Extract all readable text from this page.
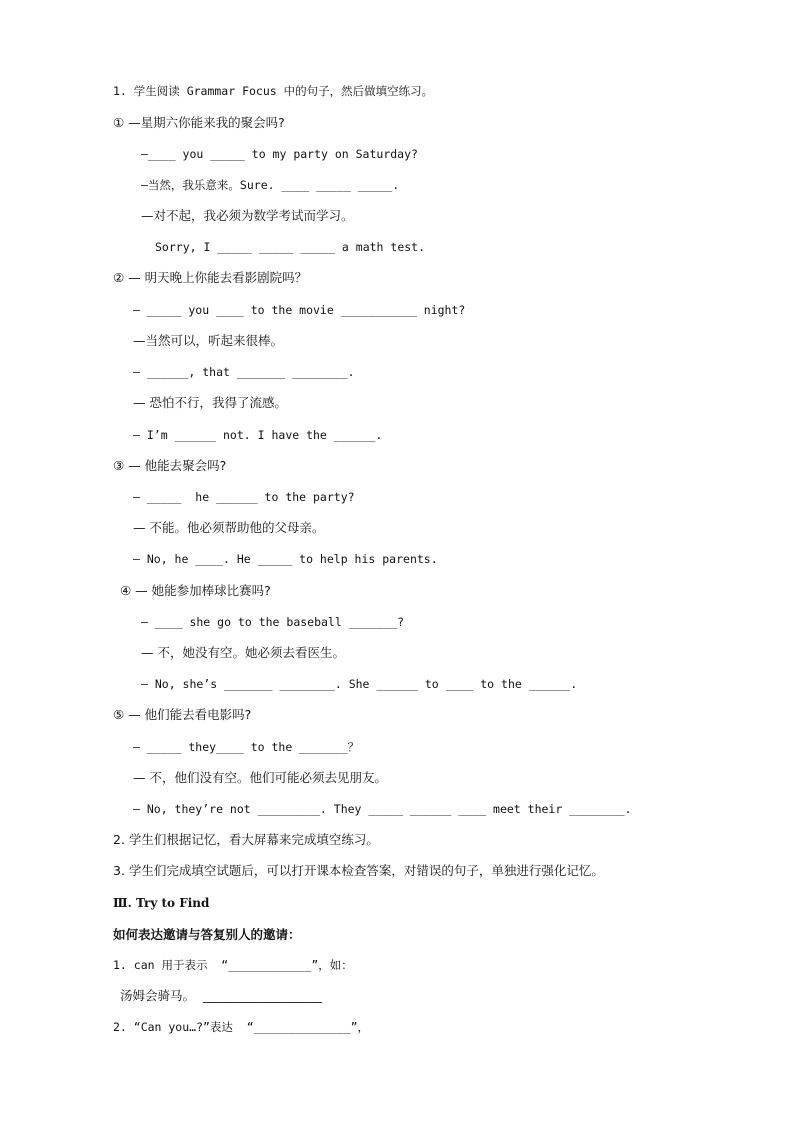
1. 学生阅读 Grammar Focus 中的句子，然后做填空练习。
① —星期六你能来我的聚会吗?
—____ you _____ to my party on Saturday?
—当然，我乐意来。Sure. ____ _____ _____.
—对不起，我必须为数学考试而学习。
Sorry, I _____ _____ _____ a math test.
② — 明天晚上你能去看影剧院吗？
— _____ you ____ to the movie ___________ night?
—当然可以，听起来很棒。
— ______, that _______ ________.
— 恐怕不行，我得了流感。
— I’m ______ not. I have the ______.
③ — 他能去聚会吗?
— _____  he ______ to the party?
— 不能。他必须帮助他的父母亲。
— No, he ____. He _____ to help his parents.
④ — 她能参加棒球比赛吗?
— ____ she go to the baseball _______?
— 不，她没有空。她必须去看医生。
— No, she’s _______ ________. She ______ to ____ to the ______.
⑤ — 他们能去看电影吗?
— _____ they____ to the _______？
— 不，他们没有空。他们可能必须去见朋友。
— No, they’re not _________. They _____ ______ ____ meet their ________.
2. 学生们根据记忆，看大屏幕来完成填空练习。
3. 学生们完成填空试题后，可以打开课本检查答案，对错误的句子，单独进行强化记忆。
Ⅲ. Try to Find
如何表达邀请与答复别人的邀请：
1. can 用于表示  “____________”，如：
汤姆会骑马。  ___________________
2. “Can you…?”表达  “______________”，
